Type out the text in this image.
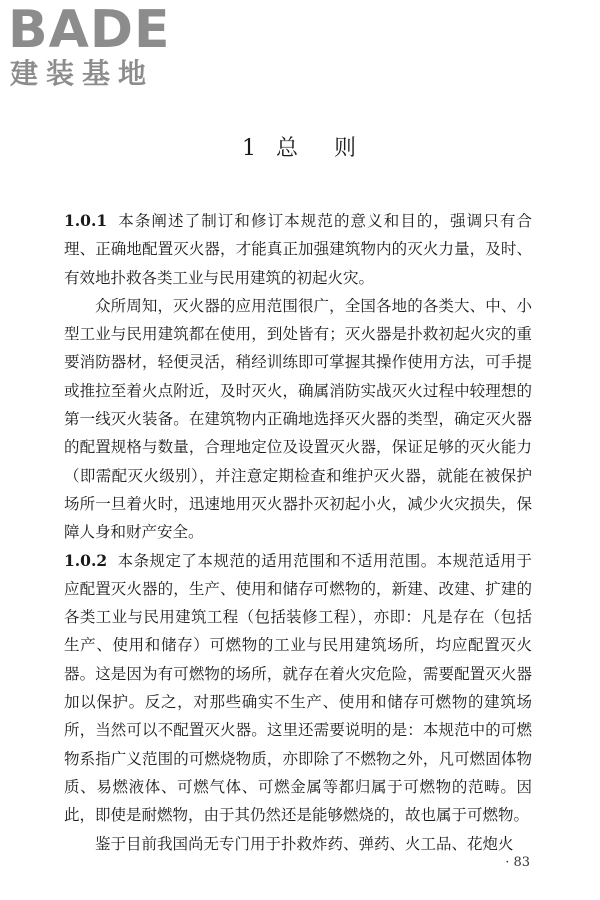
BADE
建装基地
1 总 则

1.0.1 本条阐述了制订和修订本规范的意义和目的，强调只有合理、正确地配置灭火器，才能真正加强建筑物内的灭火力量，及时、有效地扑救各类工业与民用建筑的初起火灾。

众所周知，灭火器的应用范围很广，全国各地的各类大、中、小型工业与民用建筑都在使用，到处皆有；灭火器是扑救初起火灾的重要消防器材，轻便灵活，稍经训练即可掌握其操作使用方法，可手提或推拉至着火点附近，及时灭火，确属消防实战灭火过程中较理想的第一线灭火装备。在建筑物内正确地选择灭火器的类型，确定灭火器的配置规格与数量，合理地定位及设置灭火器，保证足够的灭火能力（即需配灭火级别），并注意定期检查和维护灭火器，就能在被保护场所一旦着火时，迅速地用灭火器扑灭初起小火，减少火灾损失，保障人身和财产安全。

1.0.2 本条规定了本规范的适用范围和不适用范围。本规范适用于应配置灭火器的，生产、使用和储存可燃物的，新建、改建、扩建的各类工业与民用建筑工程（包括装修工程），亦即：凡是存在（包括生产、使用和储存）可燃物的工业与民用建筑场所，均应配置灭火器。这是因为有可燃物的场所，就存在着火灾危险，需要配置灭火器加以保护。反之，对那些确实不生产、使用和储存可燃物的建筑场所，当然可以不配置灭火器。这里还需要说明的是：本规范中的可燃物系指广义范围的可燃烧物质，亦即除了不燃物之外，凡可燃固体物质、易燃液体、可燃气体、可燃金属等都归属于可燃物的范畴。因此，即使是耐燃物，由于其仍然还是能够燃烧的，故也属于可燃物。

鉴于目前我国尚无专门用于扑救炸药、弹药、火工品、花炮火

· 83
